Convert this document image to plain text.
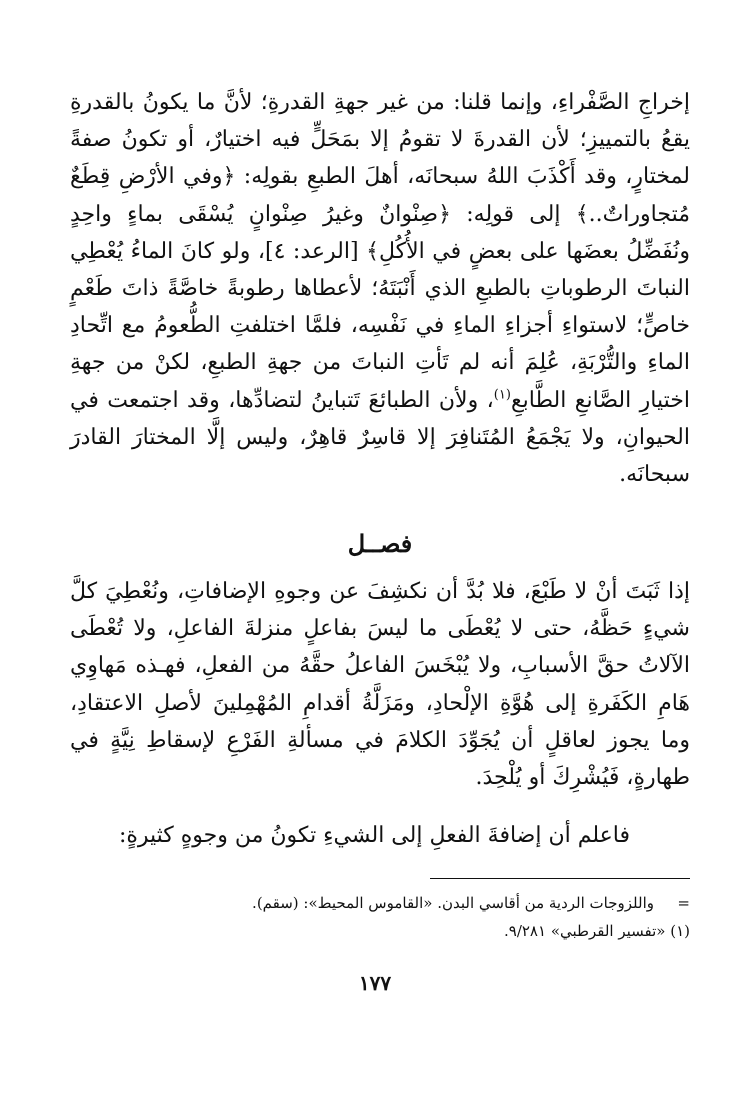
إخراجِ الصَّفْراءِ، وإنما قلنا: من غير جهةِ القدرةِ؛ لأنَّ ما يكونُ بالقدرةِ يقعُ بالتمييزِ؛ لأن القدرةَ لا تقومُ إلا بمَحَلٍّ فيه اختيارٌ، أو تكونُ صفةً لمختارٍ، وقد أَكْذَبَ اللهُ سبحانَه، أهلَ الطبعِ بقولِه: ﴿وفي الأرْضِ قِطَعٌ مُتجاوراتٌ..﴾ إلى قولِه: ﴿صِنْوانٌ وغيرُ صِنْوانٍ يُسْقَى بماءٍ واحِدٍ ونُفَضِّلُ بعضَها على بعضٍ في الأُكُلِ﴾ [الرعد: ٤]، ولو كانَ الماءُ يُعْطِي النباتَ الرطوباتِ بالطبعِ الذي أَنْبَتَهُ؛ لأعطاها رطوبةً خاصَّةً ذاتَ طَعْمٍ خاصٍّ؛ لاستواءِ أجزاءِ الماءِ في نَفْسِه، فلمَّا اختلفتِ الطُّعومُ مع اتِّحادِ الماءِ والتُّرْبَةِ، عُلِمَ أنه لم تَأتِ النباتَ من جهةِ الطبعِ، لكنْ من جهةِ اختيارِ الصَّانعِ الطَّابعِ$^{(١)}$، ولأن الطبائعَ تَتباينُ لتضادِّها، وقد اجتمعت في الحيوانِ، ولا يَجْمَعُ المُتَنافِرَ إلا قاسِرٌ قاهِرٌ، وليس إلَّا المختارَ القادرَ سبحانَه.

فصــل

إذا ثَبَتَ أنْ لا طَبْعَ، فلا بُدَّ أن نكشِفَ عن وجوهِ الإضافاتِ، ونُعْطِيَ كلَّ شيءٍ حَظَّهُ، حتى لا يُعْطَى ما ليسَ بفاعلٍ منزلةَ الفاعلِ، ولا تُعْطَى الآلاتُ حقَّ الأسبابِ، ولا يُبْخَسَ الفاعلُ حقَّهُ من الفعلِ، فهـذه مَهاوِي هَامِ الكَفَرةِ إلى هُوَّةِ الإلْحادِ، ومَزَلَّةُ أقدامِ المُهْمِلينَ لأصلِ الاعتقادِ، وما يجوز لعاقلٍ أن يُجَوِّدَ الكلامَ في مسألةِ الفَرْعِ لإسقاطِ نِيَّةٍ في طهارةٍ، فَيُشْرِكَ أو يُلْحِدَ.

فاعلم أن إضافةَ الفعلِ إلى الشيءِ تكونُ من وجوهٍ كثيرةٍ:
=
واللزوجات الردية من أقاسي البدن. «القاموس المحيط»: (سقم).
(١) «تفسير القرطبي» ٩/٢٨١.
١٧٧
